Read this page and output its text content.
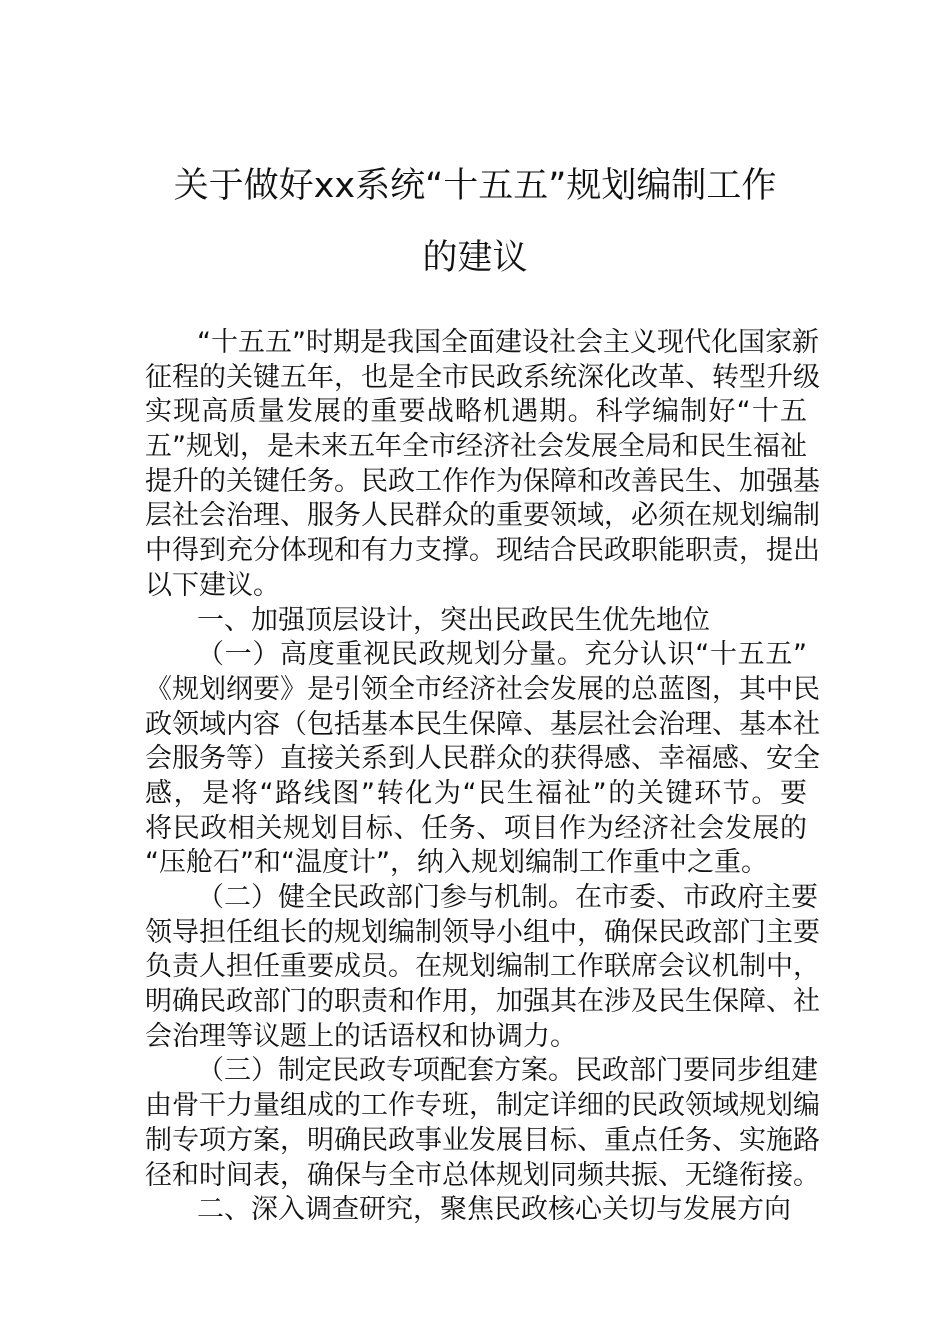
关于做好xx系统“十五五”规划编制工作
的建议
“十五五”时期是我国全面建设社会主义现代化国家新
征程的关键五年，也是全市民政系统深化改革、转型升级
实现高质量发展的重要战略机遇期。科学编制好“十五
五”规划，是未来五年全市经济社会发展全局和民生福祉
提升的关键任务。民政工作作为保障和改善民生、加强基
层社会治理、服务人民群众的重要领域，必须在规划编制
中得到充分体现和有力支撑。现结合民政职能职责，提出
以下建议。
一、加强顶层设计，突出民政民生优先地位
（一）高度重视民政规划分量。充分认识“十五五”
《规划纲要》是引领全市经济社会发展的总蓝图，其中民
政领域内容（包括基本民生保障、基层社会治理、基本社
会服务等）直接关系到人民群众的获得感、幸福感、安全
感，是将“路线图”转化为“民生福祉”的关键环节。要
将民政相关规划目标、任务、项目作为经济社会发展的
“压舱石”和“温度计”，纳入规划编制工作重中之重。
（二）健全民政部门参与机制。在市委、市政府主要
领导担任组长的规划编制领导小组中，确保民政部门主要
负责人担任重要成员。在规划编制工作联席会议机制中，
明确民政部门的职责和作用，加强其在涉及民生保障、社
会治理等议题上的话语权和协调力。
（三）制定民政专项配套方案。民政部门要同步组建
由骨干力量组成的工作专班，制定详细的民政领域规划编
制专项方案，明确民政事业发展目标、重点任务、实施路
径和时间表，确保与全市总体规划同频共振、无缝衔接。
二、深入调查研究，聚焦民政核心关切与发展方向
